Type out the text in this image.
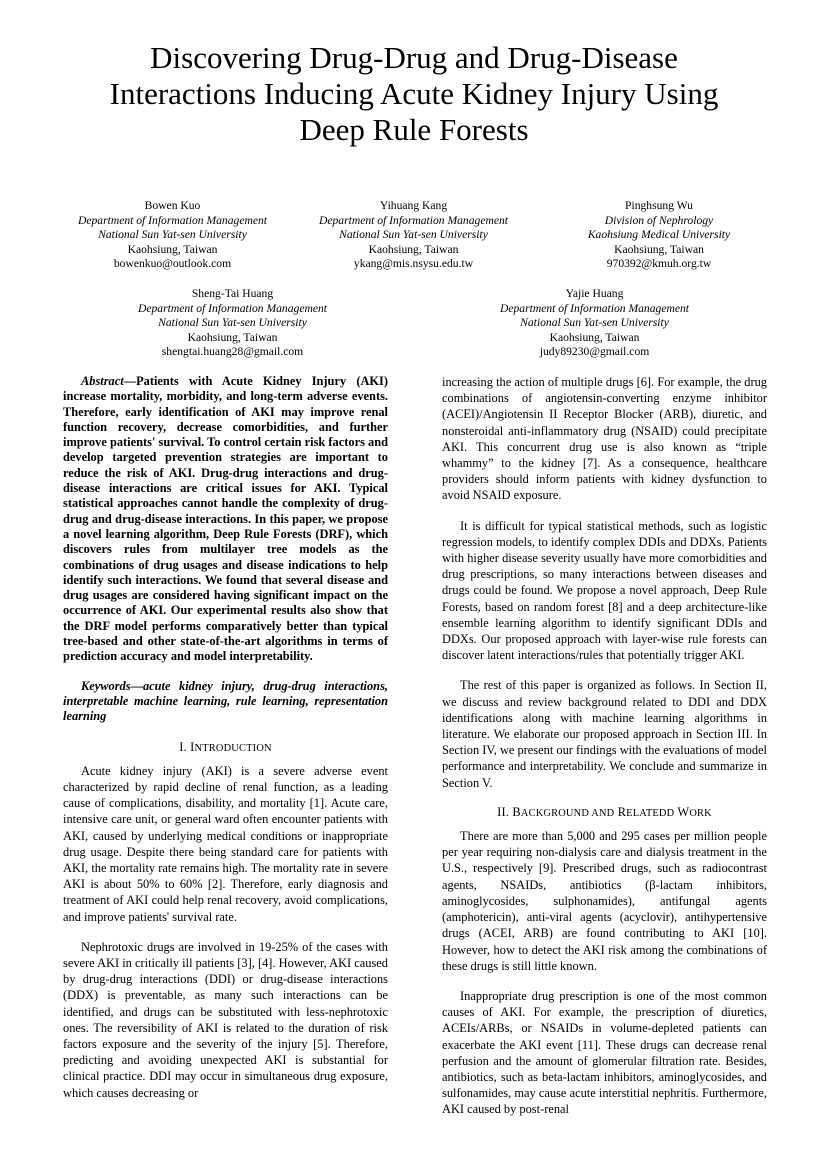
Discovering Drug-Drug and Drug-Disease
Interactions Inducing Acute Kidney Injury Using
Deep Rule Forests
Bowen Kuo
Department of Information Management
National Sun Yat-sen University
Kaohsiung, Taiwan
bowenkuo@outlook.com
Yihuang Kang
Department of Information Management
National Sun Yat-sen University
Kaohsiung, Taiwan
ykang@mis.nsysu.edu.tw
Pinghsung Wu
Division of Nephrology
Kaohsiung Medical University
Kaohsiung, Taiwan
970392@kmuh.org.tw
Sheng-Tai Huang
Department of Information Management
National Sun Yat-sen University
Kaohsiung, Taiwan
shengtai.huang28@gmail.com
Yajie Huang
Department of Information Management
National Sun Yat-sen University
Kaohsiung, Taiwan
judy89230@gmail.com

Abstract—Patients with Acute Kidney Injury (AKI) increase mortality, morbidity, and long-term adverse events. Therefore, early identification of AKI may improve renal function recovery, decrease comorbidities, and further improve patients' survival. To control certain risk factors and develop targeted prevention strategies are important to reduce the risk of AKI. Drug-drug interactions and drug-disease interactions are critical issues for AKI. Typical statistical approaches cannot handle the complexity of drug-drug and drug-disease interactions. In this paper, we propose a novel learning algorithm, Deep Rule Forests (DRF), which discovers rules from multilayer tree models as the combinations of drug usages and disease indications to help identify such interactions. We found that several disease and drug usages are considered having significant impact on the occurrence of AKI. Our experimental results also show that the DRF model performs comparatively better than typical tree-based and other state-of-the-art algorithms in terms of prediction accuracy and model interpretability.

Keywords—acute kidney injury, drug-drug interactions, interpretable machine learning, rule learning, representation learning

I. INTRODUCTION

Acute kidney injury (AKI) is a severe adverse event characterized by rapid decline of renal function, as a leading cause of complications, disability, and mortality [1]. Acute care, intensive care unit, or general ward often encounter patients with AKI, caused by underlying medical conditions or inappropriate drug usage. Despite there being standard care for patients with AKI, the mortality rate remains high. The mortality rate in severe AKI is about 50% to 60% [2]. Therefore, early diagnosis and treatment of AKI could help renal recovery, avoid complications, and improve patients' survival rate.

Nephrotoxic drugs are involved in 19-25% of the cases with severe AKI in critically ill patients [3], [4]. However, AKI caused by drug-drug interactions (DDI) or drug-disease interactions (DDX) is preventable, as many such interactions can be identified, and drugs can be substituted with less-nephrotoxic ones. The reversibility of AKI is related to the duration of risk factors exposure and the severity of the injury [5]. Therefore, predicting and avoiding unexpected AKI is substantial for clinical practice. DDI may occur in simultaneous drug exposure, which causes decreasing or

increasing the action of multiple drugs [6]. For example, the drug combinations of angiotensin-converting enzyme inhibitor (ACEI)/Angiotensin II Receptor Blocker (ARB), diuretic, and nonsteroidal anti-inflammatory drug (NSAID) could precipitate AKI. This concurrent drug use is also known as “triple whammy” to the kidney [7]. As a consequence, healthcare providers should inform patients with kidney dysfunction to avoid NSAID exposure.

It is difficult for typical statistical methods, such as logistic regression models, to identify complex DDIs and DDXs. Patients with higher disease severity usually have more comorbidities and drug prescriptions, so many interactions between diseases and drugs could be found. We propose a novel approach, Deep Rule Forests, based on random forest [8] and a deep architecture-like ensemble learning algorithm to identify significant DDIs and DDXs. Our proposed approach with layer-wise rule forests can discover latent interactions/rules that potentially trigger AKI.

The rest of this paper is organized as follows. In Section II, we discuss and review background related to DDI and DDX identifications along with machine learning algorithms in literature. We elaborate our proposed approach in Section III. In Section IV, we present our findings with the evaluations of model performance and interpretability. We conclude and summarize in Section V.

II. BACKGROUND AND RELATEDD WORK

There are more than 5,000 and 295 cases per million people per year requiring non-dialysis care and dialysis treatment in the U.S., respectively [9]. Prescribed drugs, such as radiocontrast agents, NSAIDs, antibiotics (β-lactam inhibitors, aminoglycosides, sulphonamides), antifungal agents (amphotericin), anti-viral agents (acyclovir), antihypertensive drugs (ACEI, ARB) are found contributing to AKI [10]. However, how to detect the AKI risk among the combinations of these drugs is still little known.

Inappropriate drug prescription is one of the most common causes of AKI. For example, the prescription of diuretics, ACEIs/ARBs, or NSAIDs in volume-depleted patients can exacerbate the AKI event [11]. These drugs can decrease renal perfusion and the amount of glomerular filtration rate. Besides, antibiotics, such as beta-lactam inhibitors, aminoglycosides, and sulfonamides, may cause acute interstitial nephritis. Furthermore, AKI caused by post-renal
